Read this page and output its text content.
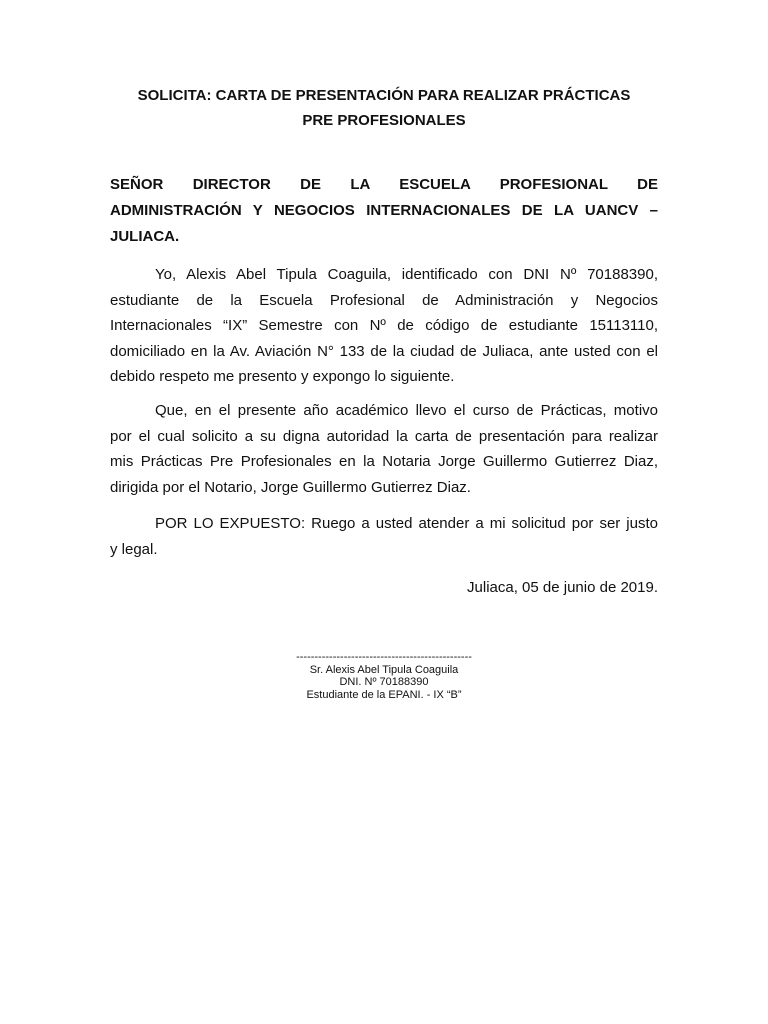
SOLICITA: CARTA DE PRESENTACIÓN PARA REALIZAR PRÁCTICAS
PRE PROFESIONALES
SEÑOR DIRECTOR DE LA ESCUELA PROFESIONAL DE
ADMINISTRACIÓN Y NEGOCIOS INTERNACIONALES DE LA UANCV –
JULIACA.
Yo, Alexis Abel Tipula Coaguila, identificado con DNI Nº 70188390,
estudiante de la Escuela Profesional de Administración y Negocios
Internacionales “IX” Semestre con Nº de código de estudiante 15113110,
domiciliado en la Av. Aviación N° 133 de la ciudad de Juliaca, ante usted con el
debido respeto me presento y expongo lo siguiente.
Que, en el presente año académico llevo el curso de Prácticas, motivo
por el cual solicito a su digna autoridad la carta de presentación para realizar
mis Prácticas Pre Profesionales en la Notaria Jorge Guillermo Gutierrez Diaz,
dirigida por el Notario, Jorge Guillermo Gutierrez Diaz.
POR LO EXPUESTO: Ruego a usted atender a mi solicitud por ser justo
y legal.
Juliaca, 05 de junio de 2019.
------------------------------------------------
Sr. Alexis Abel Tipula Coaguila
DNI. Nº 70188390
Estudiante de la EPANI. - IX “B”
